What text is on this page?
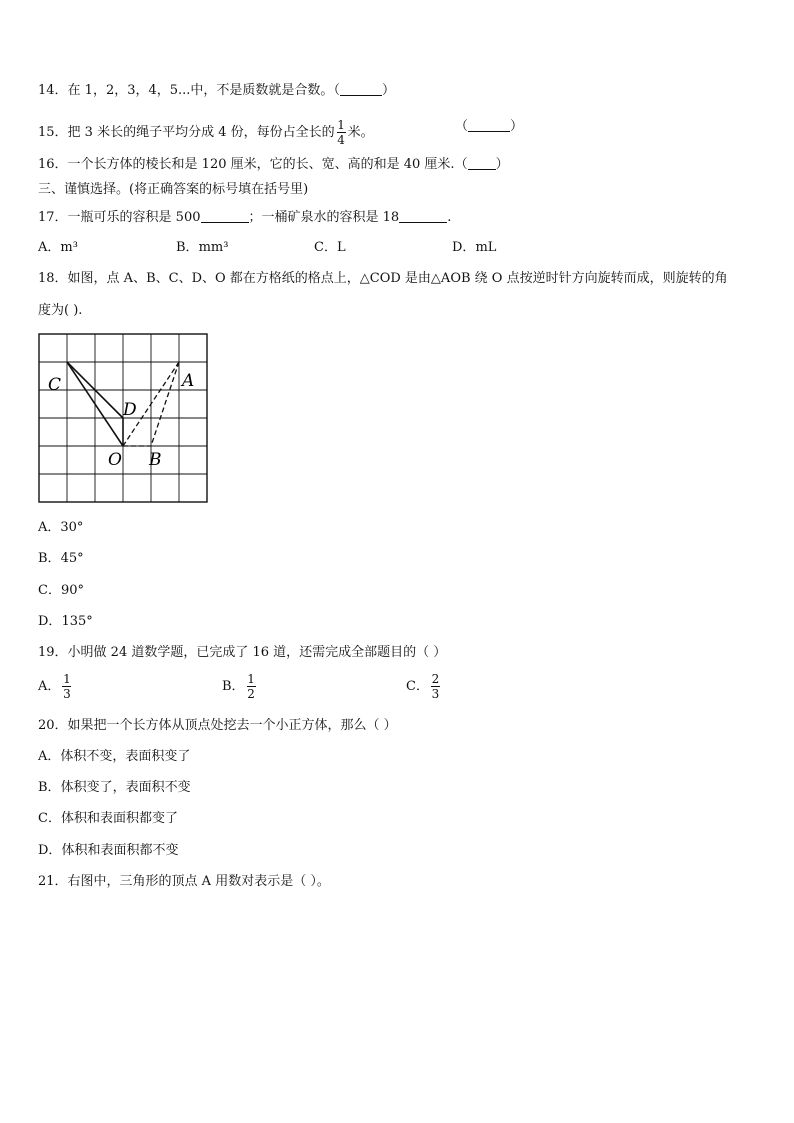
14．在 1，2，3，4，5...中，不是质数就是合数。（	）
15．把 3 米长的绳子平均分成 4 份，每份占全长的 $\frac{1}{4}$ 米。	（	）
16．一个长方体的棱长和是 120 厘米，它的长、宽、高的和是 40 厘米.（ ）
三、谨慎选择。(将正确答案的标号填在括号里)
17．一瓶可乐的容积是 500	；一桶矿泉水的容积是 18	.
A．m³	B．mm³	C．L	D．mL
18．如图，点 A、B、C、D、O 都在方格纸的格点上，△COD 是由△AOB 绕 O 点按逆时针方向旋转而成，则旋转的角
度为( ).
C	A
D
O B
A．30°
B．45°
C．90°
D．135°
19．小明做 24 道数学题，已完成了 16 道，还需完成全部题目的（ ）
A． $\frac{1}{3}$	B． $\frac{1}{2}$	C． $\frac{2}{3}$
20．如果把一个长方体从顶点处挖去一个小正方体，那么（ ）
A．体积不变，表面积变了
B．体积变了，表面积不变
C．体积和表面积都变了
D．体积和表面积都不变
21．右图中，三角形的顶点 A 用数对表示是（ ）。
